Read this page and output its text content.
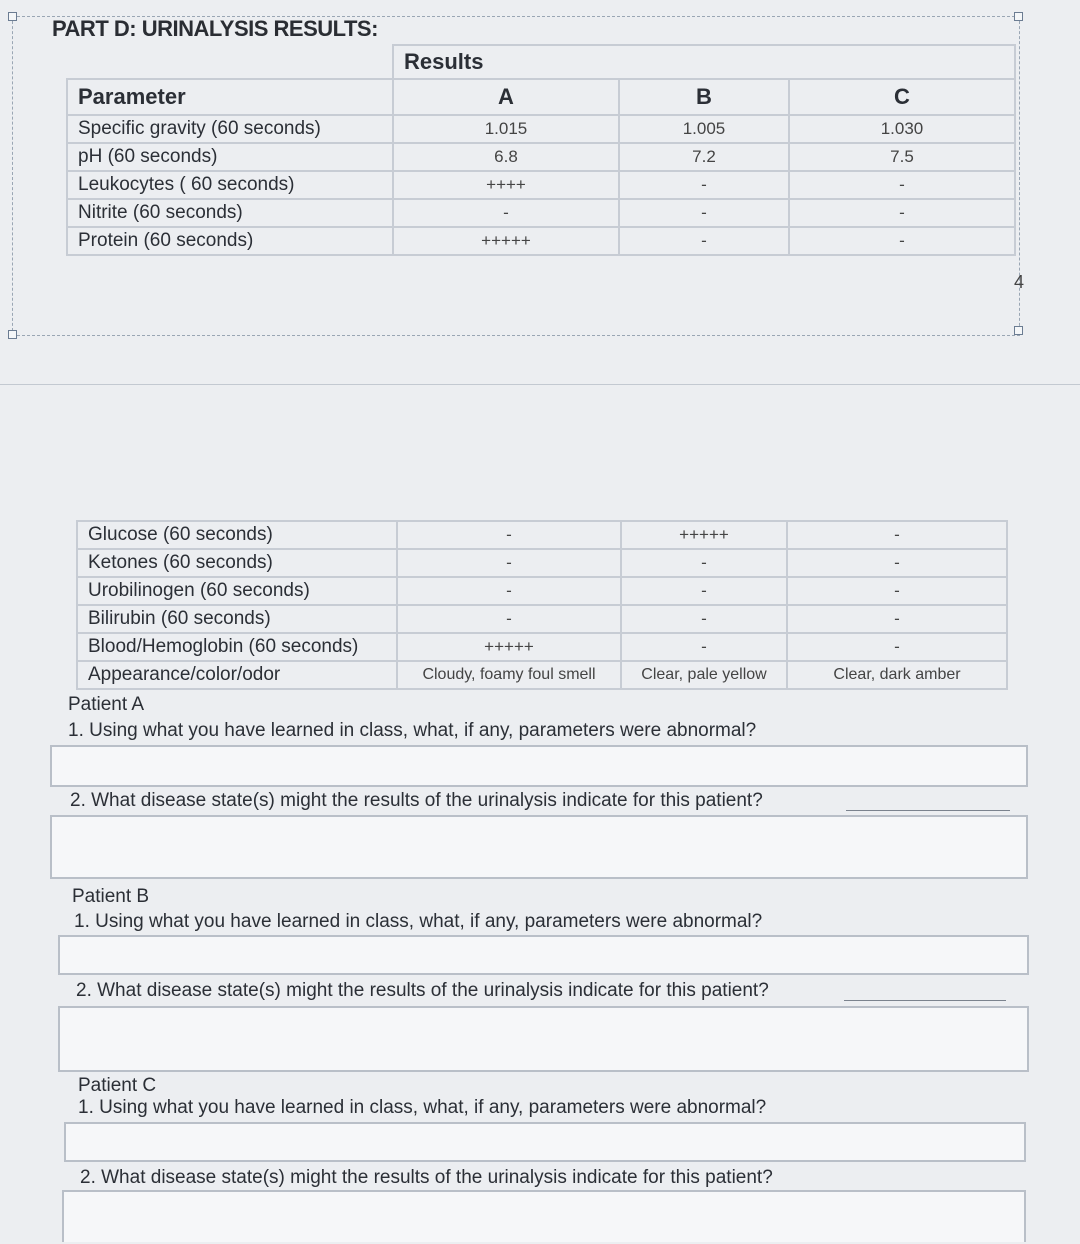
PART D: URINALYSIS RESULTS:
4
	Results		
Parameter	A	B	C
Specific gravity (60 seconds)	1.015	1.005	1.030
pH (60 seconds)	6.8	7.2	7.5
Leukocytes ( 60 seconds)	++++	-	-
Nitrite (60 seconds)	-	-	-
Protein (60 seconds)	+++++	-	-
Glucose (60 seconds)	-	+++++	-
Ketones (60 seconds)	-	-	-
Urobilinogen (60 seconds)	-	-	-
Bilirubin (60 seconds)	-	-	-
Blood/Hemoglobin (60 seconds)	+++++	-	-
Appearance/color/odor	Cloudy, foamy foul smell	Clear, pale yellow	Clear, dark amber
Patient A
1. Using what you have learned in class, what, if any, parameters were abnormal?
2. What disease state(s) might the results of the urinalysis indicate for this patient?
Patient B
1. Using what you have learned in class, what, if any, parameters were abnormal?
2. What disease state(s) might the results of the urinalysis indicate for this patient?
Patient C
1. Using what you have learned in class, what, if any, parameters were abnormal?
2. What disease state(s) might the results of the urinalysis indicate for this patient?
